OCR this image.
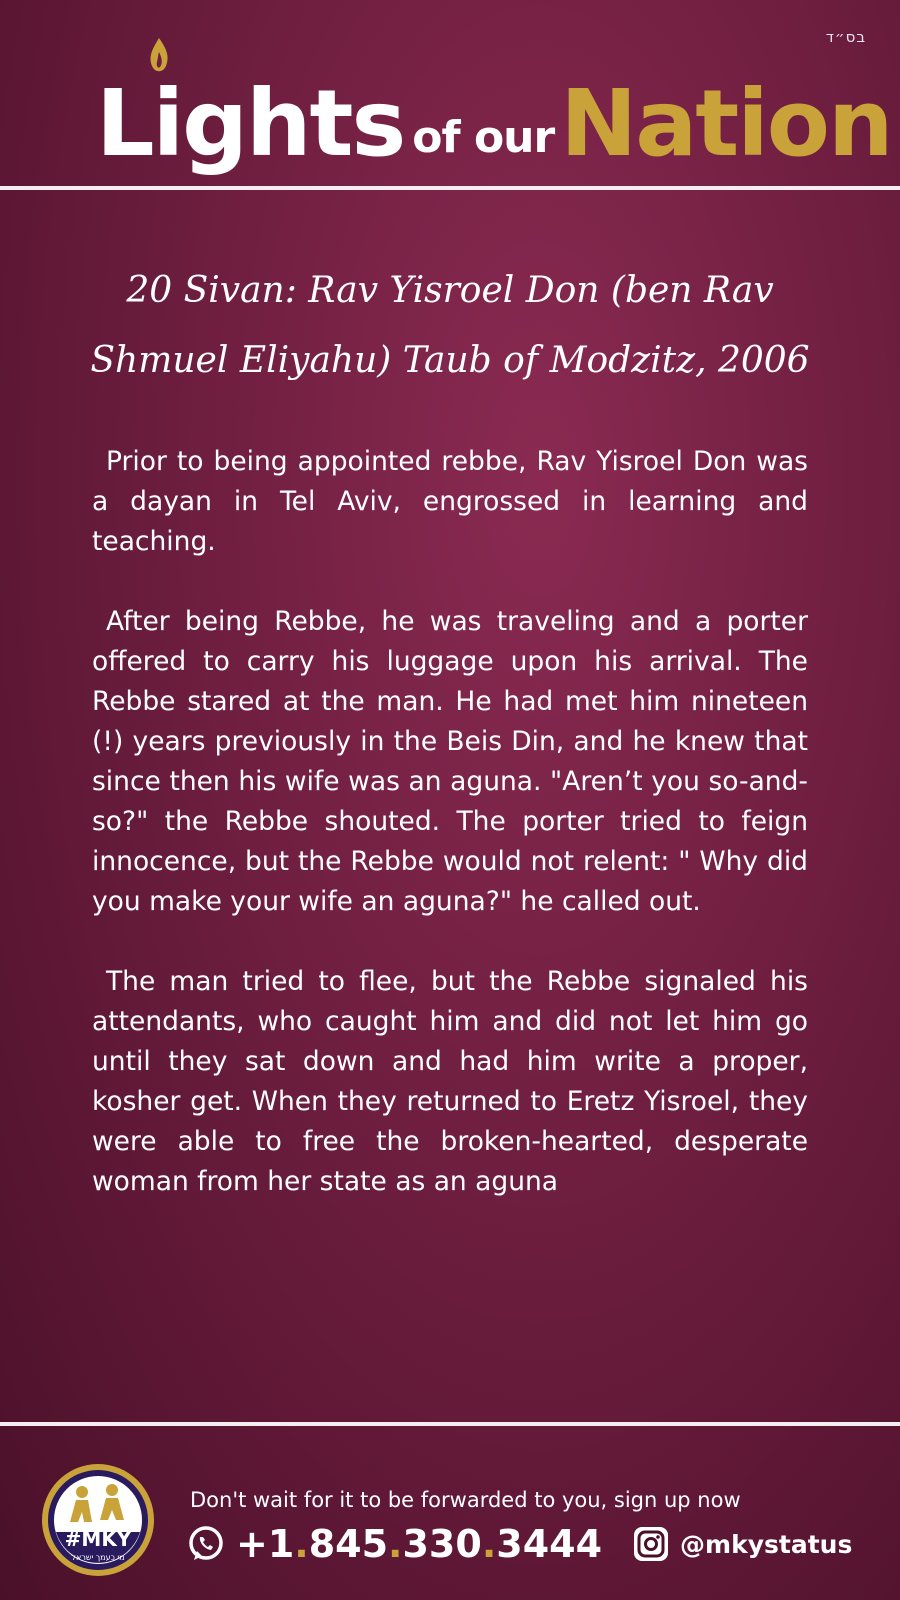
בס״ד
Lights of our Nation
20 Sivan: Rav Yisroel Don (ben Rav Shmuel Eliyahu) Taub of Modzitz, 2006

Prior to being appointed rebbe, Rav Yisroel Don was a dayan in Tel Aviv, engrossed in learning and teaching.

After being Rebbe, he was traveling and a porter offered to carry his luggage upon his arrival. The Rebbe stared at the man. He had met him nineteen (!) years previously in the Beis Din, and he knew that since then his wife was an aguna. "Aren’t you so-and-so?" the Rebbe shouted. The porter tried to feign innocence, but the Rebbe would not relent: " Why did you make your wife an aguna?" he called out.

The man tried to flee, but the Rebbe signaled his attendants, who caught him and did not let him go until they sat down and had him write a proper, kosher get. When they returned to Eretz Yisroel, they were able to free the broken-hearted, desperate woman from her state as an aguna

#MKY
מי כעמך ישראל
Don't wait for it to be forwarded to you, sign up now
+1.845.330.3444	@mkystatus
